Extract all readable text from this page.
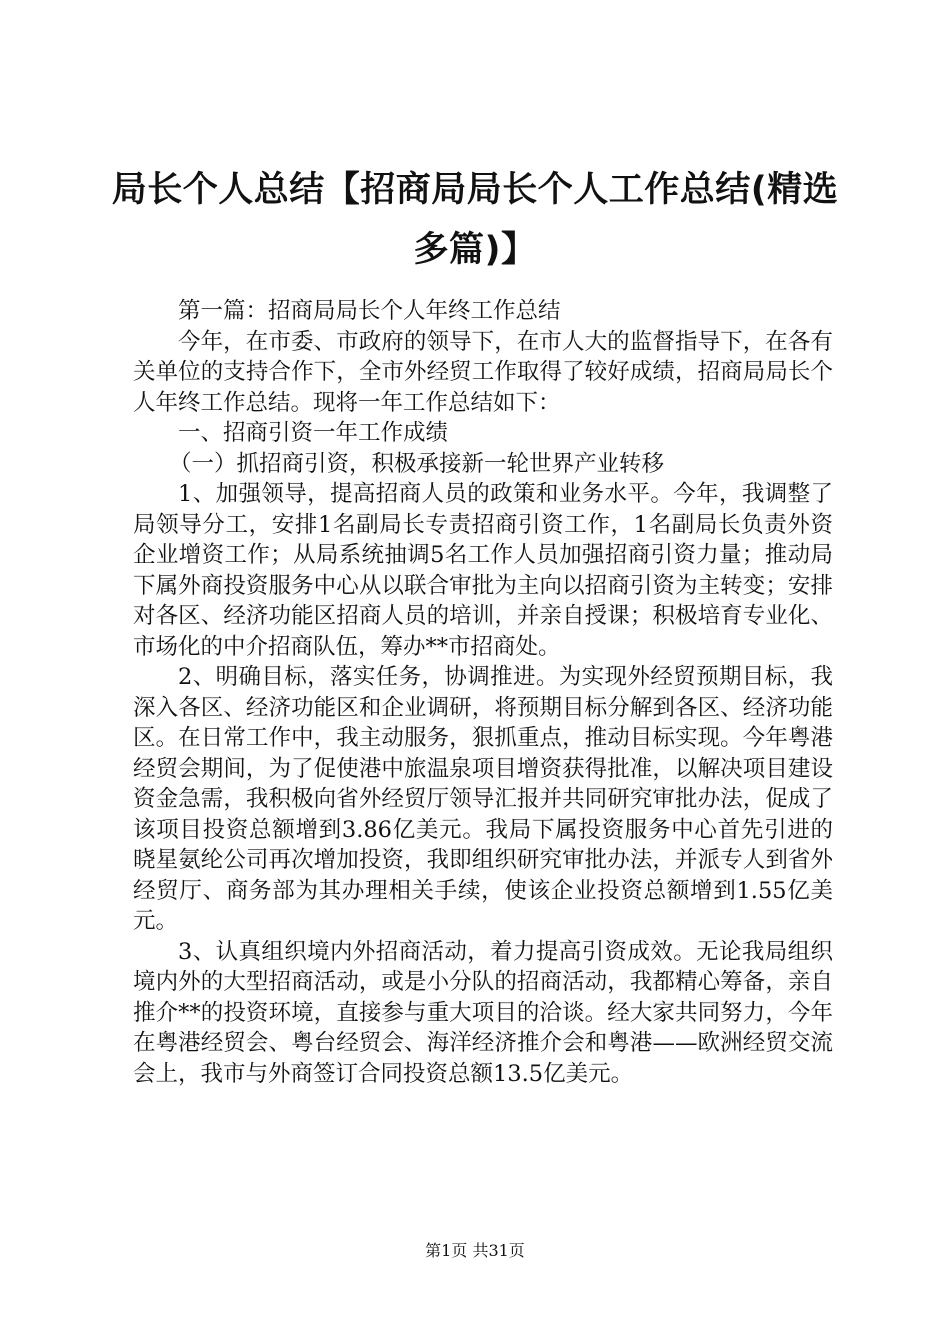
局长个人总结【招商局局长个人工作总结(精选多篇)】

第一篇：招商局局长个人年终工作总结

今年，在市委、市政府的领导下，在市人大的监督指导下，在各有关单位的支持合作下，全市外经贸工作取得了较好成绩，招商局局长个人年终工作总结。现将一年工作总结如下：

一、招商引资一年工作成绩

（一）抓招商引资，积极承接新一轮世界产业转移

1、加强领导，提高招商人员的政策和业务水平。今年，我调整了局领导分工，安排1名副局长专责招商引资工作，1名副局长负责外资企业增资工作；从局系统抽调5名工作人员加强招商引资力量；推动局下属外商投资服务中心从以联合审批为主向以招商引资为主转变；安排对各区、经济功能区招商人员的培训，并亲自授课；积极培育专业化、市场化的中介招商队伍，筹办**市招商处。

2、明确目标，落实任务，协调推进。为实现外经贸预期目标，我深入各区、经济功能区和企业调研，将预期目标分解到各区、经济功能区。在日常工作中，我主动服务，狠抓重点，推动目标实现。今年粤港经贸会期间，为了促使港中旅温泉项目增资获得批准，以解决项目建设资金急需，我积极向省外经贸厅领导汇报并共同研究审批办法，促成了该项目投资总额增到3.86亿美元。我局下属投资服务中心首先引进的晓星氨纶公司再次增加投资，我即组织研究审批办法，并派专人到省外经贸厅、商务部为其办理相关手续，使该企业投资总额增到1.55亿美元。

3、认真组织境内外招商活动，着力提高引资成效。无论我局组织境内外的大型招商活动，或是小分队的招商活动，我都精心筹备，亲自推介**的投资环境，直接参与重大项目的洽谈。经大家共同努力，今年在粤港经贸会、粤台经贸会、海洋经济推介会和粤港——欧洲经贸交流会上，我市与外商签订合同投资总额13.5亿美元。

第1页 共31页
